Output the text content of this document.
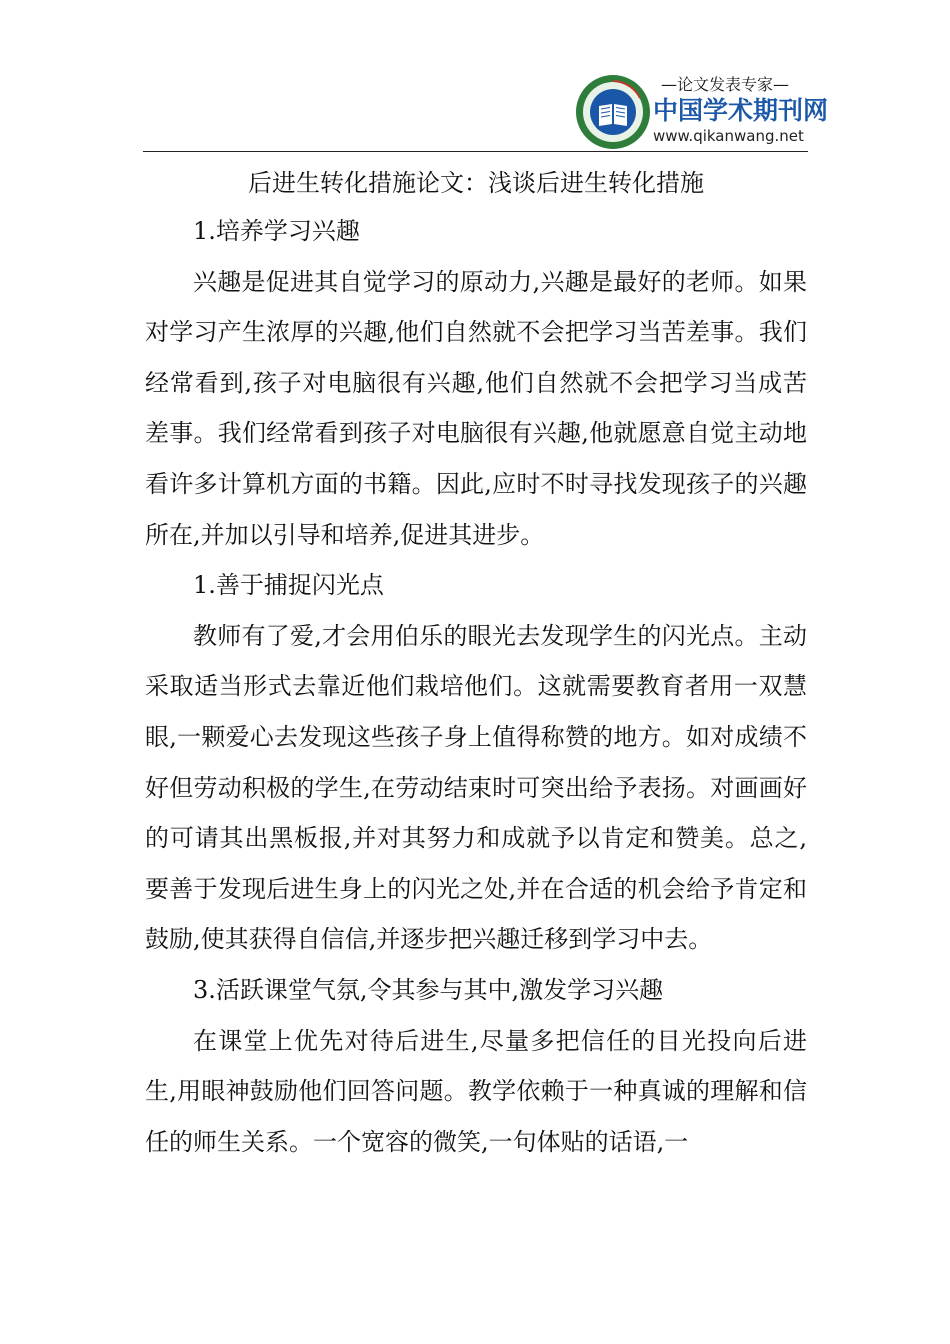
—论文发表专家—
中国学术期刊网
www.qikanwang.net

后进生转化措施论文：浅谈后进生转化措施

1.培养学习兴趣

兴趣是促进其自觉学习的原动力,兴趣是最好的老师。如果对学习产生浓厚的兴趣,他们自然就不会把学习当苦差事。我们经常看到,孩子对电脑很有兴趣,他们自然就不会把学习当成苦差事。我们经常看到孩子对电脑很有兴趣,他就愿意自觉主动地看许多计算机方面的书籍。因此,应时不时寻找发现孩子的兴趣所在,并加以引导和培养,促进其进步。

1.善于捕捉闪光点

教师有了爱,才会用伯乐的眼光去发现学生的闪光点。主动采取适当形式去靠近他们栽培他们。这就需要教育者用一双慧眼,一颗爱心去发现这些孩子身上值得称赞的地方。如对成绩不好但劳动积极的学生,在劳动结束时可突出给予表扬。对画画好的可请其出黑板报,并对其努力和成就予以肯定和赞美。总之,要善于发现后进生身上的闪光之处,并在合适的机会给予肯定和鼓励,使其获得自信信,并逐步把兴趣迁移到学习中去。

3.活跃课堂气氛,令其参与其中,激发学习兴趣

在课堂上优先对待后进生,尽量多把信任的目光投向后进生,用眼神鼓励他们回答问题。教学依赖于一种真诚的理解和信任的师生关系。一个宽容的微笑,一句体贴的话语,一
